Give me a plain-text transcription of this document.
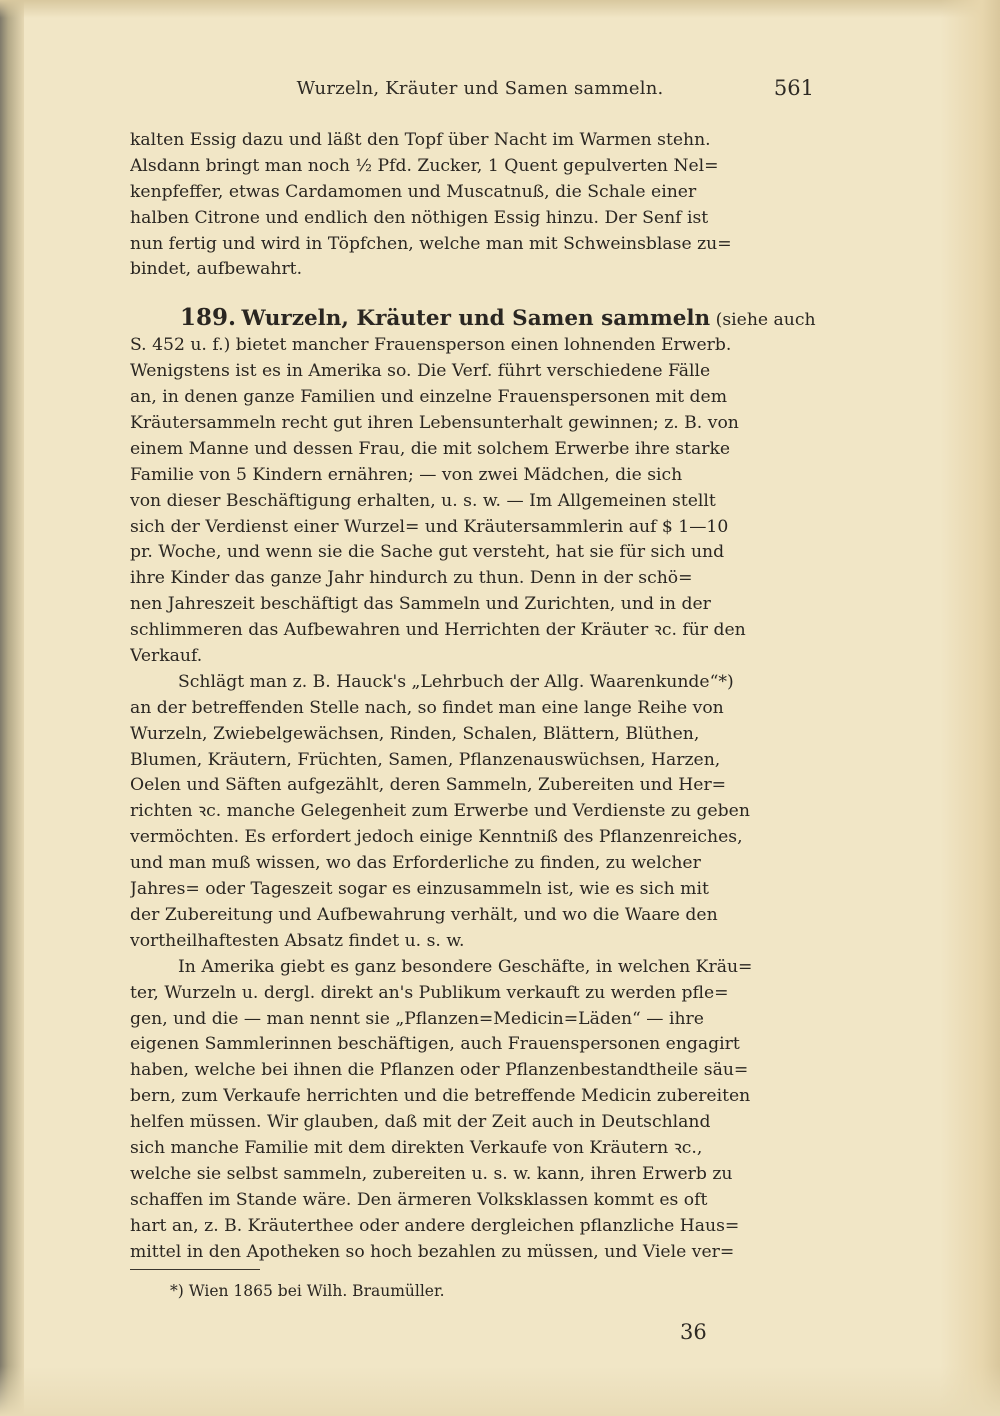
Wurzeln, Kräuter und Samen sammeln.	561
kalten Essig dazu und läßt den Topf über Nacht im Warmen stehn.
Alsdann bringt man noch ½ Pfd. Zucker, 1 Quent gepulverten Nel=
kenpfeffer, etwas Cardamomen und Muscatnuß, die Schale einer
halben Citrone und endlich den nöthigen Essig hinzu. Der Senf ist
nun fertig und wird in Töpfchen, welche man mit Schweinsblase zu=
bindet, aufbewahrt.
189. Wurzeln, Kräuter und Samen sammeln (siehe auch
S. 452 u. f.) bietet mancher Frauensperson einen lohnenden Erwerb.
Wenigstens ist es in Amerika so. Die Verf. führt verschiedene Fälle
an, in denen ganze Familien und einzelne Frauenspersonen mit dem
Kräutersammeln recht gut ihren Lebensunterhalt gewinnen; z. B. von
einem Manne und dessen Frau, die mit solchem Erwerbe ihre starke
Familie von 5 Kindern ernähren; — von zwei Mädchen, die sich
von dieser Beschäftigung erhalten, u. s. w. — Im Allgemeinen stellt
sich der Verdienst einer Wurzel= und Kräutersammlerin auf $ 1—10
pr. Woche, und wenn sie die Sache gut versteht, hat sie für sich und
ihre Kinder das ganze Jahr hindurch zu thun. Denn in der schö=
nen Jahreszeit beschäftigt das Sammeln und Zurichten, und in der
schlimmeren das Aufbewahren und Herrichten der Kräuter ꝛc. für den
Verkauf.
Schlägt man z. B. Hauck's „Lehrbuch der Allg. Waarenkunde“*)
an der betreffenden Stelle nach, so findet man eine lange Reihe von
Wurzeln, Zwiebelgewächsen, Rinden, Schalen, Blättern, Blüthen,
Blumen, Kräutern, Früchten, Samen, Pflanzenauswüchsen, Harzen,
Oelen und Säften aufgezählt, deren Sammeln, Zubereiten und Her=
richten ꝛc. manche Gelegenheit zum Erwerbe und Verdienste zu geben
vermöchten. Es erfordert jedoch einige Kenntniß des Pflanzenreiches,
und man muß wissen, wo das Erforderliche zu finden, zu welcher
Jahres= oder Tageszeit sogar es einzusammeln ist, wie es sich mit
der Zubereitung und Aufbewahrung verhält, und wo die Waare den
vortheilhaftesten Absatz findet u. s. w.
In Amerika giebt es ganz besondere Geschäfte, in welchen Kräu=
ter, Wurzeln u. dergl. direkt an's Publikum verkauft zu werden pfle=
gen, und die — man nennt sie „Pflanzen=Medicin=Läden“ — ihre
eigenen Sammlerinnen beschäftigen, auch Frauenspersonen engagirt
haben, welche bei ihnen die Pflanzen oder Pflanzenbestandtheile säu=
bern, zum Verkaufe herrichten und die betreffende Medicin zubereiten
helfen müssen. Wir glauben, daß mit der Zeit auch in Deutschland
sich manche Familie mit dem direkten Verkaufe von Kräutern ꝛc.,
welche sie selbst sammeln, zubereiten u. s. w. kann, ihren Erwerb zu
schaffen im Stande wäre. Den ärmeren Volksklassen kommt es oft
hart an, z. B. Kräuterthee oder andere dergleichen pflanzliche Haus=
mittel in den Apotheken so hoch bezahlen zu müssen, und Viele ver=
*) Wien 1865 bei Wilh. Braumüller.
36
